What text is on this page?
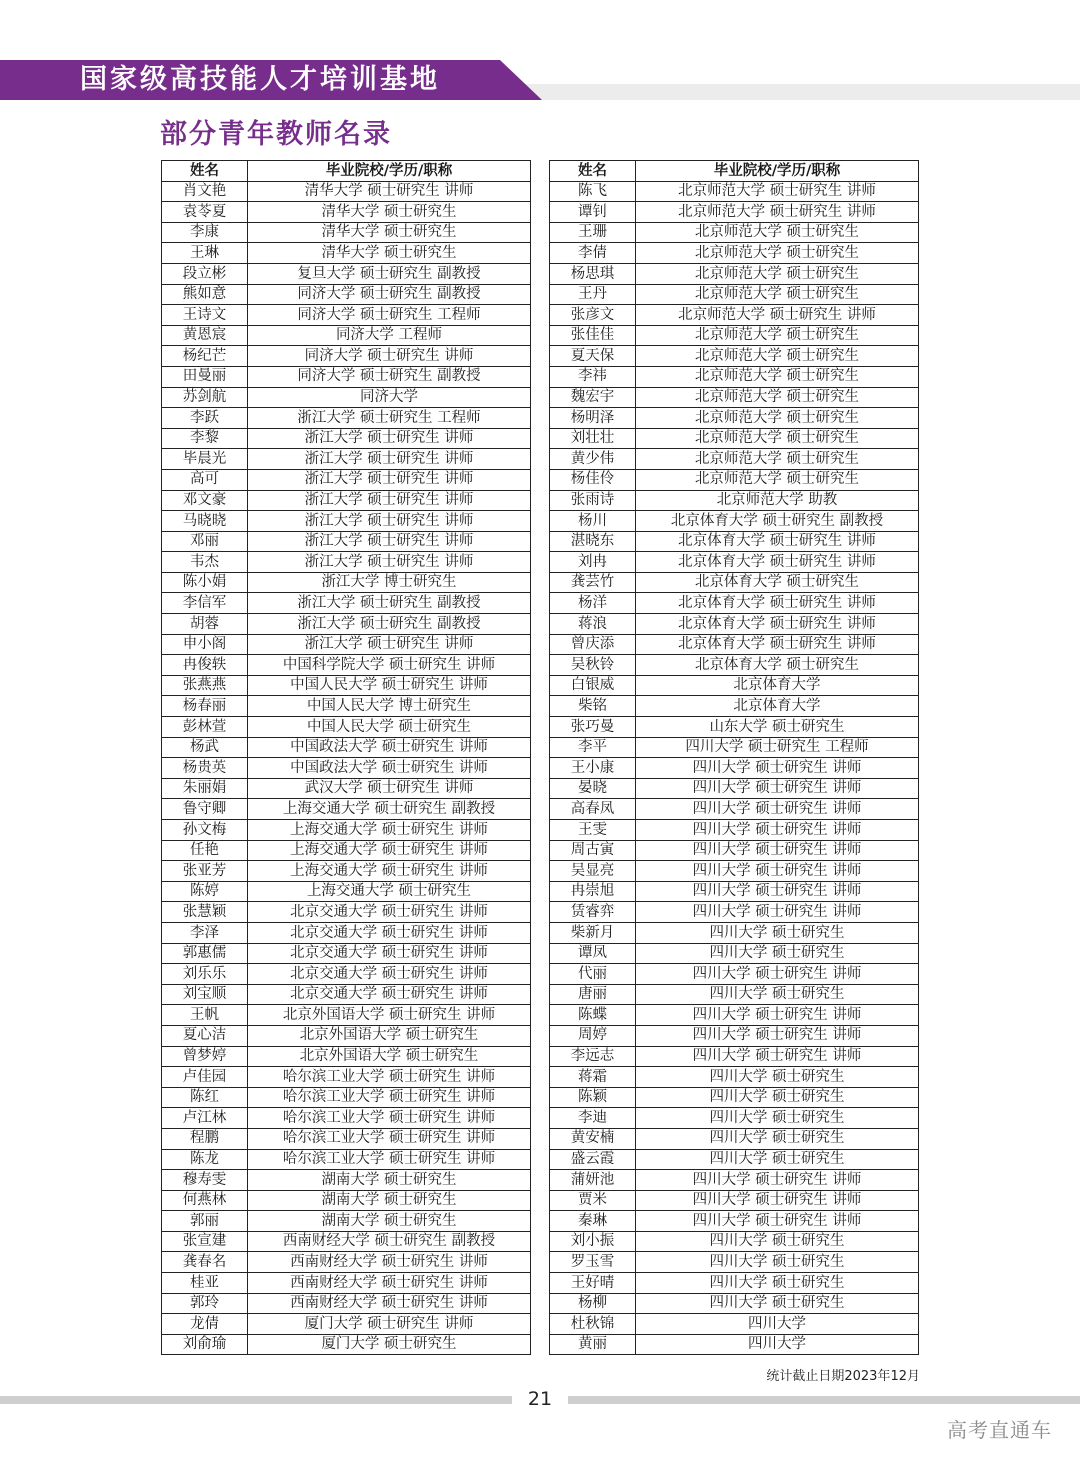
国家级高技能人才培训基地
部分青年教师名录
姓名	毕业院校/学历/职称
肖文艳	清华大学 硕士研究生 讲师
袁苓夏	清华大学 硕士研究生
李康	清华大学 硕士研究生
王琳	清华大学 硕士研究生
段立彬	复旦大学 硕士研究生 副教授
熊如意	同济大学 硕士研究生 副教授
王诗文	同济大学 硕士研究生 工程师
黄恩宸	同济大学 工程师
杨纪芒	同济大学 硕士研究生 讲师
田曼丽	同济大学 硕士研究生 副教授
苏剑航	同济大学
李跃	浙江大学 硕士研究生 工程师
李黎	浙江大学 硕士研究生 讲师
毕晨光	浙江大学 硕士研究生 讲师
高可	浙江大学 硕士研究生 讲师
邓文豪	浙江大学 硕士研究生 讲师
马晓晓	浙江大学 硕士研究生 讲师
邓丽	浙江大学 硕士研究生 讲师
韦杰	浙江大学 硕士研究生 讲师
陈小娟	浙江大学 博士研究生
李信军	浙江大学 硕士研究生 副教授
胡蓉	浙江大学 硕士研究生 副教授
申小阁	浙江大学 硕士研究生 讲师
冉俊轶	中国科学院大学 硕士研究生 讲师
张燕燕	中国人民大学 硕士研究生 讲师
杨春丽	中国人民大学 博士研究生
彭林萱	中国人民大学 硕士研究生
杨武	中国政法大学 硕士研究生 讲师
杨贵英	中国政法大学 硕士研究生 讲师
朱丽娟	武汉大学 硕士研究生 讲师
鲁守卿	上海交通大学 硕士研究生 副教授
孙文梅	上海交通大学 硕士研究生 讲师
任艳	上海交通大学 硕士研究生 讲师
张亚芳	上海交通大学 硕士研究生 讲师
陈婷	上海交通大学 硕士研究生
张慧颖	北京交通大学 硕士研究生 讲师
李泽	北京交通大学 硕士研究生 讲师
郭惠儒	北京交通大学 硕士研究生 讲师
刘乐乐	北京交通大学 硕士研究生 讲师
刘宝顺	北京交通大学 硕士研究生 讲师
王帆	北京外国语大学 硕士研究生 讲师
夏心洁	北京外国语大学 硕士研究生
曾梦婷	北京外国语大学 硕士研究生
卢佳园	哈尔滨工业大学 硕士研究生 讲师
陈红	哈尔滨工业大学 硕士研究生 讲师
卢江林	哈尔滨工业大学 硕士研究生 讲师
程鹏	哈尔滨工业大学 硕士研究生 讲师
陈龙	哈尔滨工业大学 硕士研究生 讲师
穆寿雯	湖南大学 硕士研究生
何燕林	湖南大学 硕士研究生
郭丽	湖南大学 硕士研究生
张宣建	西南财经大学 硕士研究生 副教授
龚春名	西南财经大学 硕士研究生 讲师
桂亚	西南财经大学 硕士研究生 讲师
郭玲	西南财经大学 硕士研究生 讲师
龙倩	厦门大学 硕士研究生 讲师
刘俞瑜	厦门大学 硕士研究生
姓名	毕业院校/学历/职称
陈飞	北京师范大学 硕士研究生 讲师
谭钊	北京师范大学 硕士研究生 讲师
王珊	北京师范大学 硕士研究生
李倩	北京师范大学 硕士研究生
杨思琪	北京师范大学 硕士研究生
王丹	北京师范大学 硕士研究生
张彦文	北京师范大学 硕士研究生 讲师
张佳佳	北京师范大学 硕士研究生
夏天保	北京师范大学 硕士研究生
李祎	北京师范大学 硕士研究生
魏宏宇	北京师范大学 硕士研究生
杨明泽	北京师范大学 硕士研究生
刘壮壮	北京师范大学 硕士研究生
黄少伟	北京师范大学 硕士研究生
杨佳伶	北京师范大学 硕士研究生
张雨诗	北京师范大学 助教
杨川	北京体育大学 硕士研究生 副教授
湛晓东	北京体育大学 硕士研究生 讲师
刘冉	北京体育大学 硕士研究生 讲师
龚芸竹	北京体育大学 硕士研究生
杨洋	北京体育大学 硕士研究生 讲师
蒋浪	北京体育大学 硕士研究生 讲师
曾庆添	北京体育大学 硕士研究生 讲师
吴秋铃	北京体育大学 硕士研究生
白银威	北京体育大学
柴铭	北京体育大学
张巧曼	山东大学 硕士研究生
李平	四川大学 硕士研究生 工程师
王小康	四川大学 硕士研究生 讲师
晏晓	四川大学 硕士研究生 讲师
高春凤	四川大学 硕士研究生 讲师
王雯	四川大学 硕士研究生 讲师
周古寅	四川大学 硕士研究生 讲师
吴显亮	四川大学 硕士研究生 讲师
冉崇旭	四川大学 硕士研究生 讲师
赁睿弈	四川大学 硕士研究生 讲师
柴新月	四川大学 硕士研究生
谭凤	四川大学 硕士研究生
代丽	四川大学 硕士研究生 讲师
唐丽	四川大学 硕士研究生
陈蝶	四川大学 硕士研究生 讲师
周婷	四川大学 硕士研究生 讲师
李远志	四川大学 硕士研究生 讲师
蒋霜	四川大学 硕士研究生
陈颖	四川大学 硕士研究生
李迪	四川大学 硕士研究生
黄安楠	四川大学 硕士研究生
盛云霞	四川大学 硕士研究生
蒲妍池	四川大学 硕士研究生 讲师
贾米	四川大学 硕士研究生 讲师
秦琳	四川大学 硕士研究生 讲师
刘小振	四川大学 硕士研究生
罗玉雪	四川大学 硕士研究生
王好晴	四川大学 硕士研究生
杨柳	四川大学 硕士研究生
杜秋锦	四川大学
黄丽	四川大学
统计截止日期2023年12月
21
高考直通车
